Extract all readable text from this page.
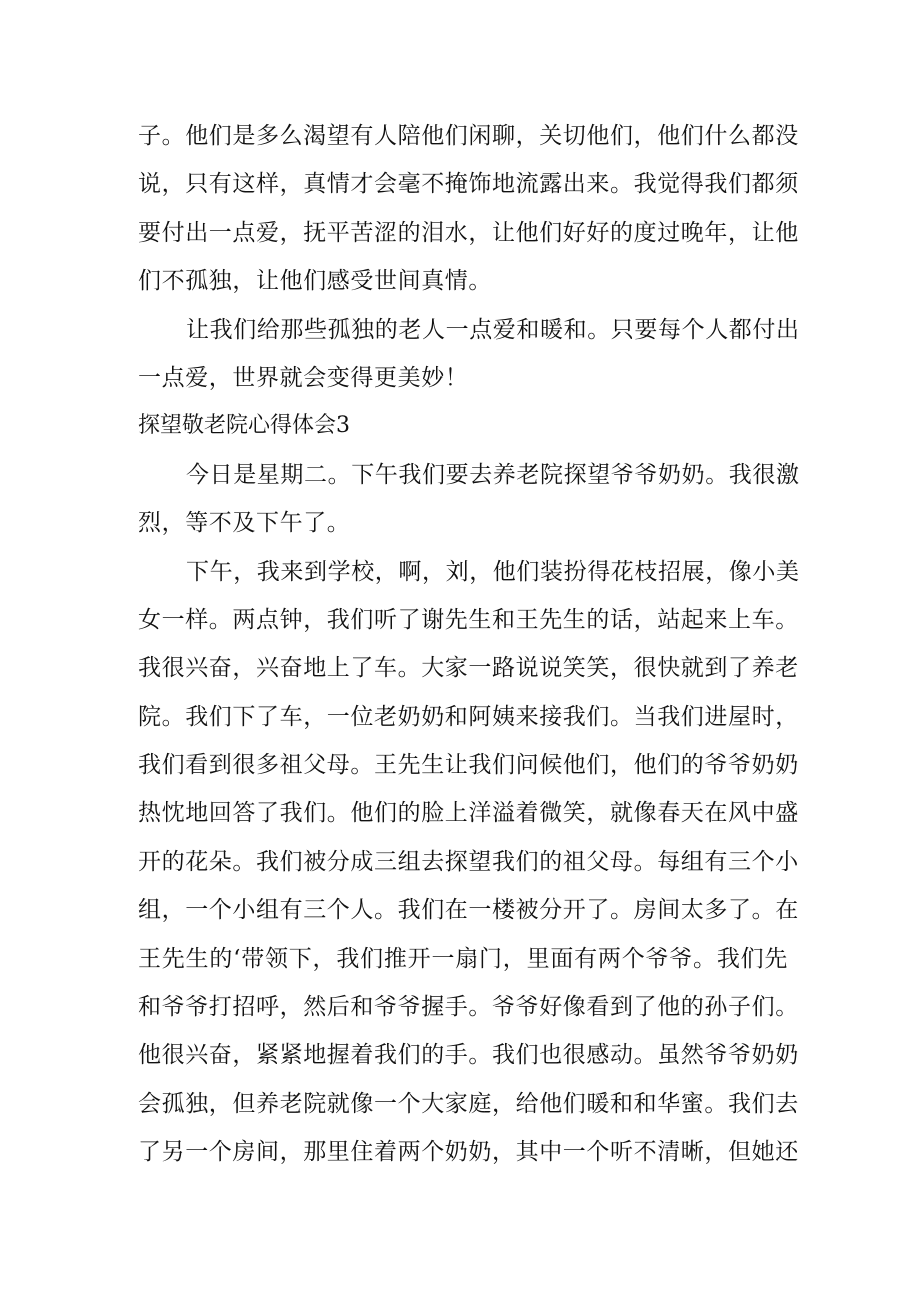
子。他们是多么渴望有人陪他们闲聊，关切他们，他们什么都没
说，只有这样，真情才会毫不掩饰地流露出来。我觉得我们都须
要付出一点爱，抚平苦涩的泪水，让他们好好的度过晚年，让他
们不孤独，让他们感受世间真情。
让我们给那些孤独的老人一点爱和暖和。只要每个人都付出
一点爱，世界就会变得更美妙！
探望敬老院心得体会3
今日是星期二。下午我们要去养老院探望爷爷奶奶。我很激
烈，等不及下午了。
下午，我来到学校，啊，刘，他们装扮得花枝招展，像小美
女一样。两点钟，我们听了谢先生和王先生的话，站起来上车。
我很兴奋，兴奋地上了车。大家一路说说笑笑，很快就到了养老
院。我们下了车，一位老奶奶和阿姨来接我们。当我们进屋时，
我们看到很多祖父母。王先生让我们问候他们，他们的爷爷奶奶
热忱地回答了我们。他们的脸上洋溢着微笑，就像春天在风中盛
开的花朵。我们被分成三组去探望我们的祖父母。每组有三个小
组，一个小组有三个人。我们在一楼被分开了。房间太多了。在
王先生的‘带领下，我们推开一扇门，里面有两个爷爷。我们先
和爷爷打招呼，然后和爷爷握手。爷爷好像看到了他的孙子们。
他很兴奋，紧紧地握着我们的手。我们也很感动。虽然爷爷奶奶
会孤独，但养老院就像一个大家庭，给他们暖和和华蜜。我们去
了另一个房间，那里住着两个奶奶，其中一个听不清晰，但她还
